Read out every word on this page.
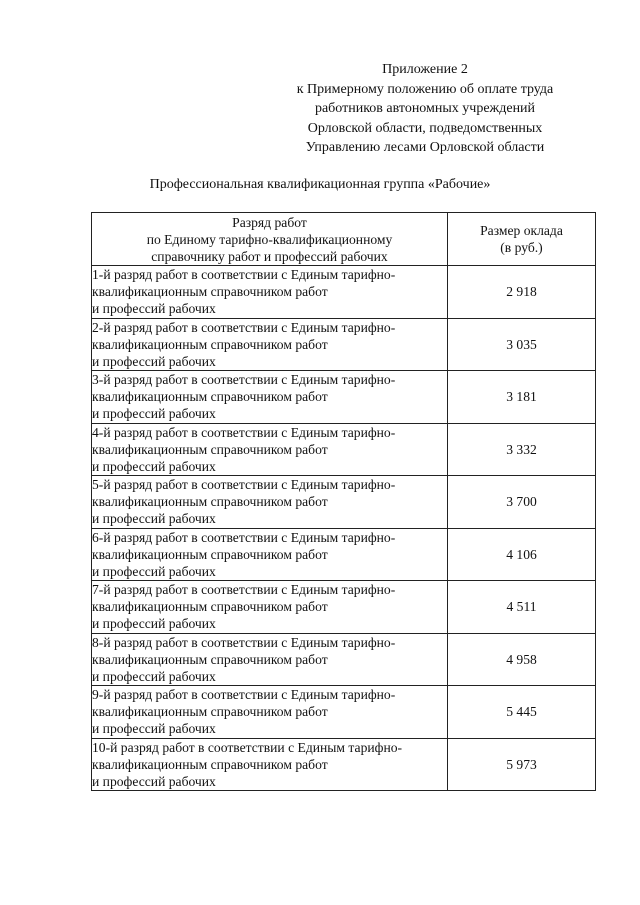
Приложение 2
к Примерному положению об оплате труда
работников автономных учреждений
Орловской области, подведомственных
Управлению лесами Орловской области
Профессиональная квалификационная группа «Рабочие»
Разряд работ
по Единому тарифно-квалификационному
справочнику работ и профессий рабочих	Размер оклада
(в руб.)

1-й разряд работ в соответствии с Единым тарифно-
квалификационным справочником работ
и профессий рабочих	2 918

2-й разряд работ в соответствии с Единым тарифно-
квалификационным справочником работ
и профессий рабочих	3 035

3-й разряд работ в соответствии с Единым тарифно-
квалификационным справочником работ
и профессий рабочих	3 181

4-й разряд работ в соответствии с Единым тарифно-
квалификационным справочником работ
и профессий рабочих	3 332

5-й разряд работ в соответствии с Единым тарифно-
квалификационным справочником работ
и профессий рабочих	3 700

6-й разряд работ в соответствии с Единым тарифно-
квалификационным справочником работ
и профессий рабочих	4 106

7-й разряд работ в соответствии с Единым тарифно-
квалификационным справочником работ
и профессий рабочих	4 511

8-й разряд работ в соответствии с Единым тарифно-
квалификационным справочником работ
и профессий рабочих	4 958

9-й разряд работ в соответствии с Единым тарифно-
квалификационным справочником работ
и профессий рабочих	5 445

10-й разряд работ в соответствии с Единым тарифно-
квалификационным справочником работ
и профессий рабочих	5 973
